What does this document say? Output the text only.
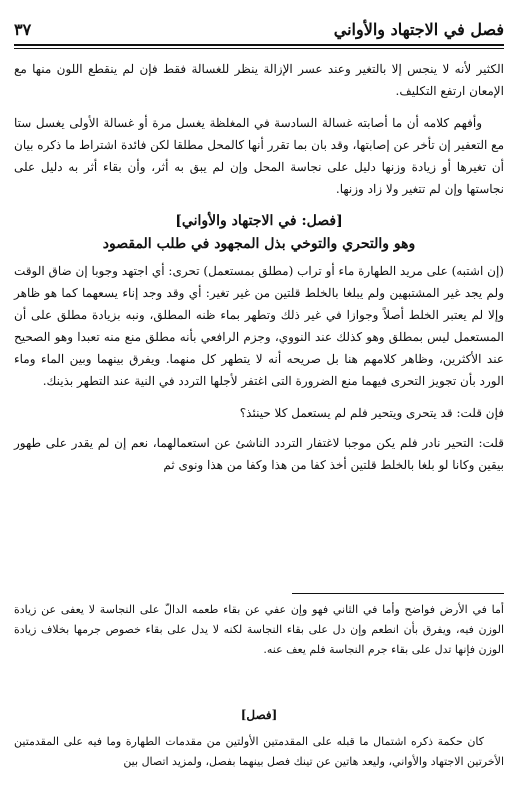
فصل في الاجتهاد والأواني
٣٧

الكثير لأنه لا ينجس إلا بالتغير وعند عسر الإزالة ينظر للغسالة فقط فإن لم ينقطع اللون منها مع الإمعان ارتفع التكليف.

وأفهم كلامه أن ما أصابته غسالة السادسة في المغلظة يغسل مرة أو غسالة الأولى يغسل ستا مع التعفير إن تأخر عن إصابتها، وقد بان بما تقرر أنها كالمحل مطلقا لكن فائدة اشتراط ما ذكره بيان أن تغيرها أو زيادة وزنها دليل على نجاسة المحل وإن لم يبق به أثر، وأن بقاء أثر به دليل على نجاستها وإن لم تتغير ولا زاد وزنها.

[فصل: في الاجتهاد والأواني]
وهو والتحري والتوخي بذل المجهود في طلب المقصود

(إن اشتبه) على مريد الطهارة ماء أو تراب (مطلق بمستعمل) تحرى: أي اجتهد وجوبا إن ضاق الوقت ولم يجد غير المشتبهين ولم يبلغا بالخلط قلتين من غير تغير: أي وقد وجد إناء يسعهما كما هو ظاهر وإلا لم يعتبر الخلط أصلاً وجوازا في غير ذلك وتطهر بماء ظنه المطلق، ونبه بزيادة مطلق على أن المستعمل ليس بمطلق وهو كذلك عند النووي، وجزم الرافعي بأنه مطلق منع منه تعبدا وهو الصحيح عند الأكثرين، وظاهر كلامهم هنا بل صريحه أنه لا يتطهر كل منهما. ويفرق بينهما وبين الماء وماء الورد بأن تجويز التحرى فيهما منع الضرورة التى اغتفر لأجلها التردد في النية عند التطهر بذينك.

فإن قلت: قد يتحرى ويتحير فلم لم يستعمل كلا حينئذ؟

قلت: التحير نادر فلم يكن موجبا لاغتفار التردد الناشئ عن استعمالهما، نعم إن لم يقدر على طهور بيقين وكانا لو بلغا بالخلط قلتين أخذ كفا من هذا وكفا من هذا ونوى ثم

أما في الأرض فواضح وأما في الثاني فهو وإن عفي عن بقاء طعمه الدالّ على النجاسة لا يعفى عن زيادة الوزن فيه، ويفرق بأن انطعم وإن دل على بقاء النجاسة لكنه لا يدل على بقاء خصوص جرمها بخلاف زيادة الوزن فإنها تدل على بقاء جرم النجاسة فلم يعف عنه.
[فصل]
كان حكمة ذكره اشتمال ما قبله على المقدمتين الأولتين من مقدمات الطهارة وما فيه على المقدمتين الأخرتين الاجتهاد والأواني، وليعد هاتين عن تينك فصل بينهما بفصل، ولمزيد اتصال بين
